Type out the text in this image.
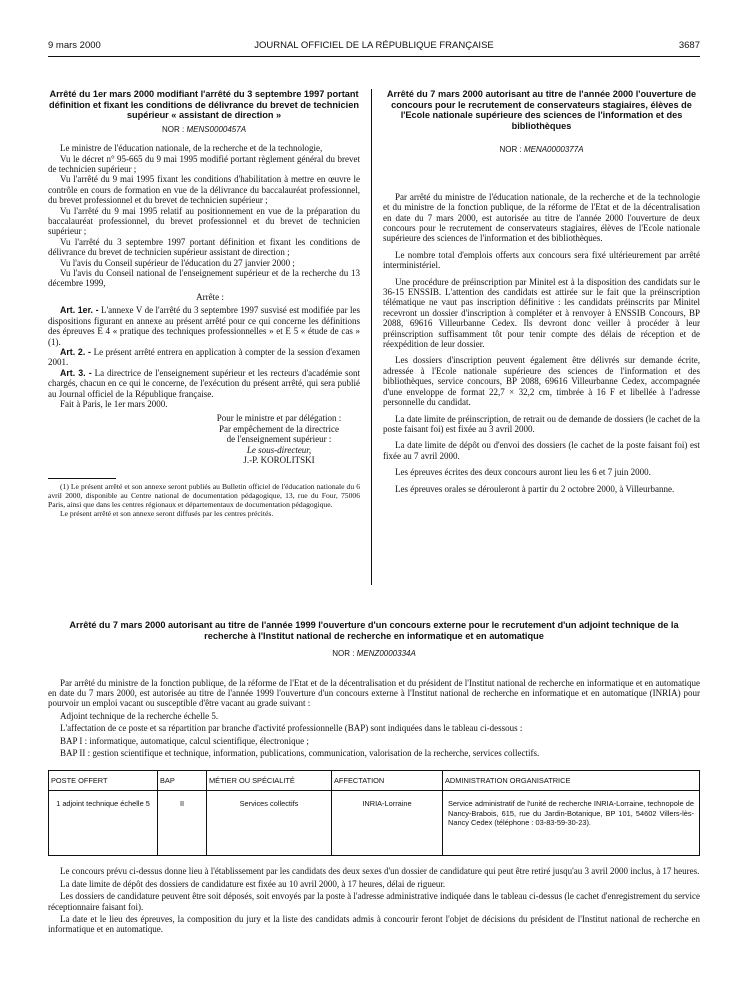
9 mars 2000	JOURNAL OFFICIEL DE LA RÉPUBLIQUE FRANÇAISE	3687
Arrêté du 1er mars 2000 modifiant l'arrêté du 3 septembre 1997 portant définition et fixant les conditions de délivrance du brevet de technicien supérieur « assistant de direction »
NOR : MENS0000457A

Le ministre de l'éducation nationale, de la recherche et de la technologie,

Vu le décret n° 95-665 du 9 mai 1995 modifié portant règlement général du brevet de technicien supérieur ;

Vu l'arrêté du 9 mai 1995 fixant les conditions d'habilitation à mettre en œuvre le contrôle en cours de formation en vue de la délivrance du baccalauréat professionnel, du brevet professionnel et du brevet de technicien supérieur ;

Vu l'arrêté du 9 mai 1995 relatif au positionnement en vue de la préparation du baccalauréat professionnel, du brevet professionnel et du brevet de technicien supérieur ;

Vu l'arrêté du 3 septembre 1997 portant définition et fixant les conditions de délivrance du brevet de technicien supérieur assistant de direction ;

Vu l'avis du Conseil supérieur de l'éducation du 27 janvier 2000 ;

Vu l'avis du Conseil national de l'enseignement supérieur et de la recherche du 13 décembre 1999,

Arrête :

Art. 1er. - L'annexe V de l'arrêté du 3 septembre 1997 susvisé est modifiée par les dispositions figurant en annexe au présent arrêté pour ce qui concerne les définitions des épreuves E 4 « pratique des techniques professionnelles » et E 5 « étude de cas » (1).

Art. 2. - Le présent arrêté entrera en application à compter de la session d'examen 2001.

Art. 3. - La directrice de l'enseignement supérieur et les recteurs d'académie sont chargés, chacun en ce qui le concerne, de l'exécution du présent arrêté, qui sera publié au Journal officiel de la République française.

Fait à Paris, le 1er mars 2000.

Pour le ministre et par délégation :
Par empêchement de la directrice
de l'enseignement supérieur :
Le sous-directeur,
J.-P. KOROLITSKI

(1) Le présent arrêté et son annexe seront publiés au Bulletin officiel de l'éducation nationale du 6 avril 2000, disponible au Centre national de documentation pédagogique, 13, rue du Four, 75006 Paris, ainsi que dans les centres régionaux et départementaux de documentation pédagogique.

Le présent arrêté et son annexe seront diffusés par les centres précités.

Arrêté du 7 mars 2000 autorisant au titre de l'année 2000 l'ouverture de concours pour le recrutement de conservateurs stagiaires, élèves de l'Ecole nationale supérieure des sciences de l'information et des bibliothèques
NOR : MENA0000377A

Par arrêté du ministre de l'éducation nationale, de la recherche et de la technologie et du ministre de la fonction publique, de la réforme de l'Etat et de la décentralisation en date du 7 mars 2000, est autorisée au titre de l'année 2000 l'ouverture de deux concours pour le recrutement de conservateurs stagiaires, élèves de l'Ecole nationale supérieure des sciences de l'information et des bibliothèques.

Le nombre total d'emplois offerts aux concours sera fixé ultérieurement par arrêté interministériel.

Une procédure de préinscription par Minitel est à la disposition des candidats sur le 36-15 ENSSIB. L'attention des candidats est attirée sur le fait que la préinscription télématique ne vaut pas inscription définitive : les candidats préinscrits par Minitel recevront un dossier d'inscription à compléter et à renvoyer à ENSSIB Concours, BP 2088, 69616 Villeurbanne Cedex. Ils devront donc veiller à procéder à leur préinscription suffisamment tôt pour tenir compte des délais de réception et de réexpédition de leur dossier.

Les dossiers d'inscription peuvent également être délivrés sur demande écrite, adressée à l'Ecole nationale supérieure des sciences de l'information et des bibliothèques, service concours, BP 2088, 69616 Villeurbanne Cedex, accompagnée d'une enveloppe de format 22,7 × 32,2 cm, timbrée à 16 F et libellée à l'adresse personnelle du candidat.

La date limite de préinscription, de retrait ou de demande de dossiers (le cachet de la poste faisant foi) est fixée au 3 avril 2000.

La date limite de dépôt ou d'envoi des dossiers (le cachet de la poste faisant foi) est fixée au 7 avril 2000.

Les épreuves écrites des deux concours auront lieu les 6 et 7 juin 2000.

Les épreuves orales se dérouleront à partir du 2 octobre 2000, à Villeurbanne.

Arrêté du 7 mars 2000 autorisant au titre de l'année 1999 l'ouverture d'un concours externe pour le recrutement d'un adjoint technique de la recherche à l'Institut national de recherche en informatique et en automatique
NOR : MENZ0000334A

Par arrêté du ministre de la fonction publique, de la réforme de l'Etat et de la décentralisation et du président de l'Institut national de recherche en informatique et en automatique en date du 7 mars 2000, est autorisée au titre de l'année 1999 l'ouverture d'un concours externe à l'Institut national de recherche en informatique et en automatique (INRIA) pour pourvoir un emploi vacant ou susceptible d'être vacant au grade suivant :

Adjoint technique de la recherche échelle 5.

L'affectation de ce poste et sa répartition par branche d'activité professionnelle (BAP) sont indiquées dans le tableau ci-dessous :

BAP I : informatique, automatique, calcul scientifique, électronique ;

BAP II : gestion scientifique et technique, information, publications, communication, valorisation de la recherche, services collectifs.

POSTE OFFERT	BAP	MÉTIER OU SPÉCIALITÉ	AFFECTATION	ADMINISTRATION ORGANISATRICE
1 adjoint technique échelle 5	II	Services collectifs	INRIA-Lorraine	Service administratif de l'unité de recherche INRIA-Lorraine, technopole de Nancy-Brabois, 615, rue du Jardin-Botanique, BP 101, 54602 Villers-lès-Nancy Cedex (téléphone : 03-83-59-30-23).

Le concours prévu ci-dessus donne lieu à l'établissement par les candidats des deux sexes d'un dossier de candidature qui peut être retiré jusqu'au 3 avril 2000 inclus, à 17 heures.

La date limite de dépôt des dossiers de candidature est fixée au 10 avril 2000, à 17 heures, délai de rigueur.

Les dossiers de candidature peuvent être soit déposés, soit envoyés par la poste à l'adresse administrative indiquée dans le tableau ci-dessus (le cachet d'enregistrement du service réceptionnaire faisant foi).

La date et le lieu des épreuves, la composition du jury et la liste des candidats admis à concourir feront l'objet de décisions du président de l'Institut national de recherche en informatique et en automatique.
